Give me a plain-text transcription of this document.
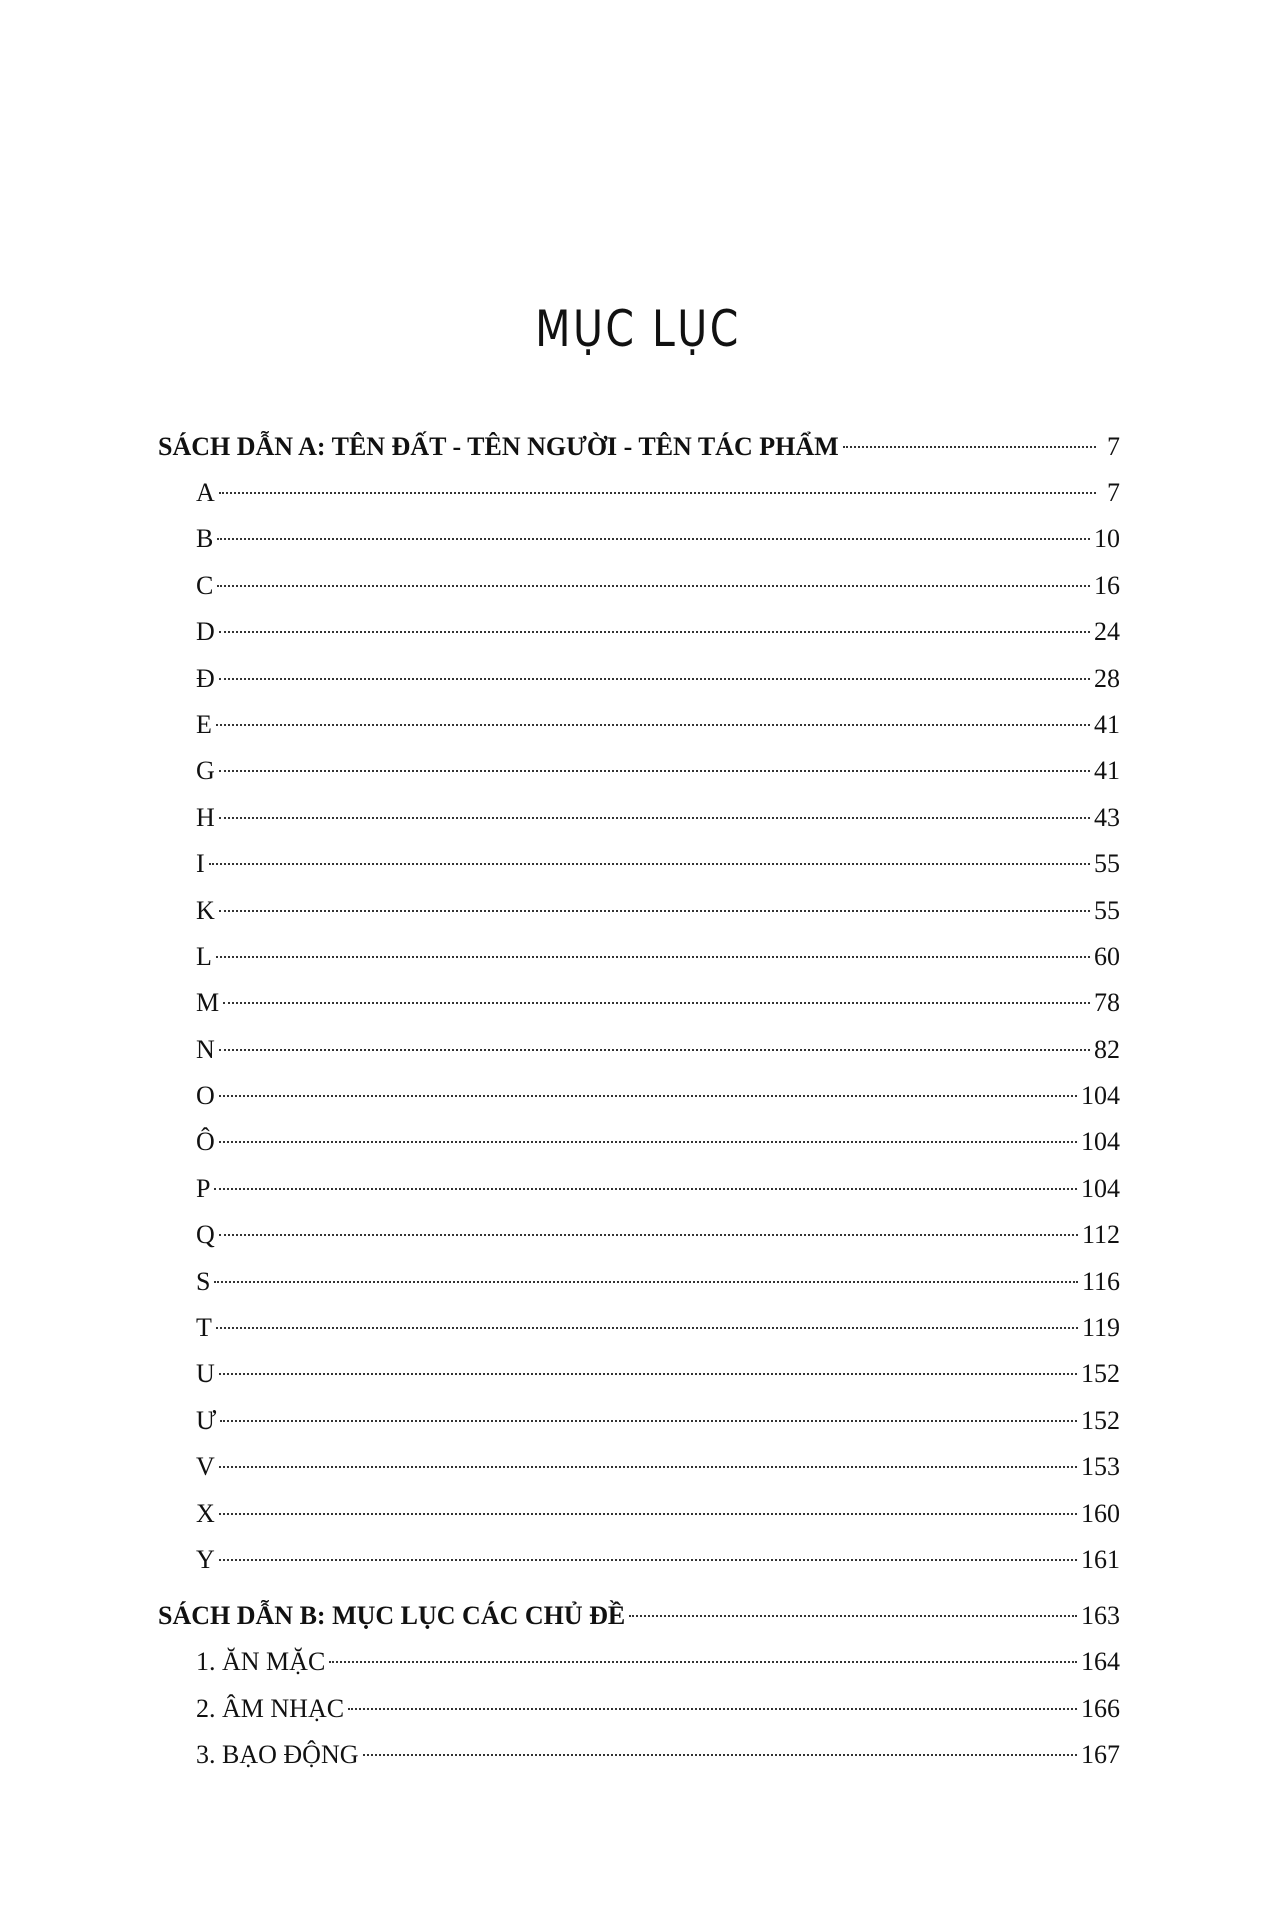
MỤC LỤC
SÁCH DẪN A: TÊN ĐẤT - TÊN NGƯỜI - TÊN TÁC PHẨM	7
A	7
B	10
C	16
D	24
Đ	28
E	41
G	41
H	43
I	55
K	55
L	60
M	78
N	82
O	104
Ô	104
P	104
Q	112
S	116
T	119
U	152
Ư	152
V	153
X	160
Y	161
SÁCH DẪN B: MỤC LỤC CÁC CHỦ ĐỀ	163
1. ĂN MẶC	164
2. ÂM NHẠC	166
3. BẠO ĐỘNG	167
